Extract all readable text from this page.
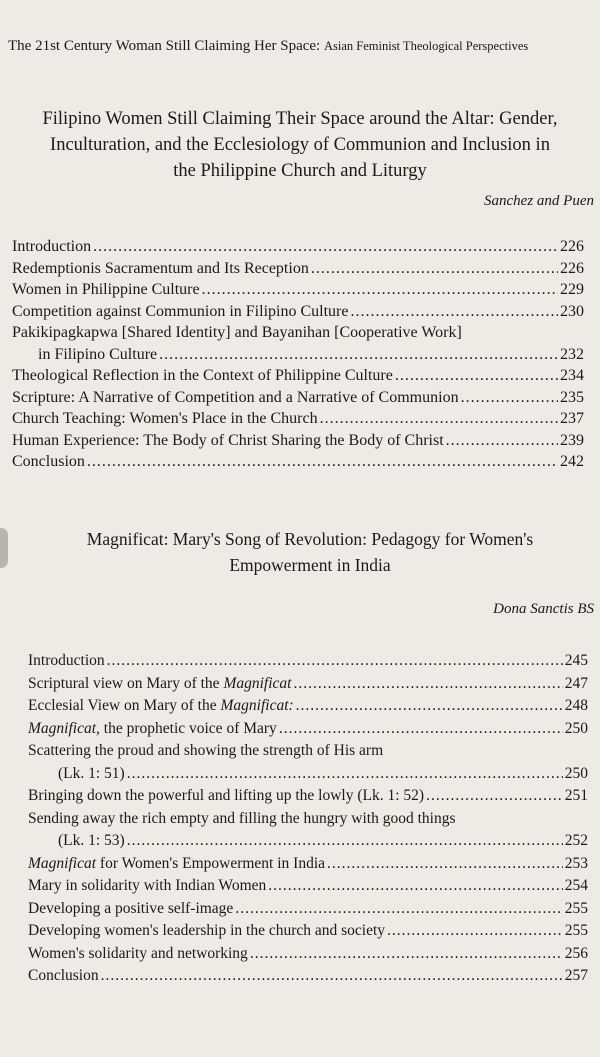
The 21st Century Woman Still Claiming Her Space: Asian Feminist Theological Perspectives
Filipino Women Still Claiming Their Space around the Altar: Gender,
Inculturation, and the Ecclesiology of Communion and Inclusion in
the Philippine Church and Liturgy
Sanchez and Puen
Introduction .....	226
Redemptionis Sacramentum and Its Reception .....	226
Women in Philippine Culture .....	229
Competition against Communion in Filipino Culture .....	230
Pakikipagkapwa [Shared Identity] and Bayanihan [Cooperative Work]
in Filipino Culture .....	232
Theological Reflection in the Context of Philippine Culture .....	234
Scripture: A Narrative of Competition and a Narrative of Communion .....	235
Church Teaching: Women's Place in the Church .....	237
Human Experience: The Body of Christ Sharing the Body of Christ .....	239
Conclusion .....	242
Magnificat: Mary's Song of Revolution: Pedagogy for Women's
Empowerment in India
Dona Sanctis BS
Introduction .....	245
Scriptural view on Mary of the Magnificat .....	247
Ecclesial View on Mary of the Magnificat: .....	248
Magnificat, the prophetic voice of Mary .....	250
Scattering the proud and showing the strength of His arm
(Lk. 1: 51) .....	250
Bringing down the powerful and lifting up the lowly (Lk. 1: 52) .....	251
Sending away the rich empty and filling the hungry with good things
(Lk. 1: 53) .....	252
Magnificat for Women's Empowerment in India .....	253
Mary in solidarity with Indian Women .....	254
Developing a positive self-image .....	255
Developing women's leadership in the church and society .....	255
Women's solidarity and networking .....	256
Conclusion .....	257
